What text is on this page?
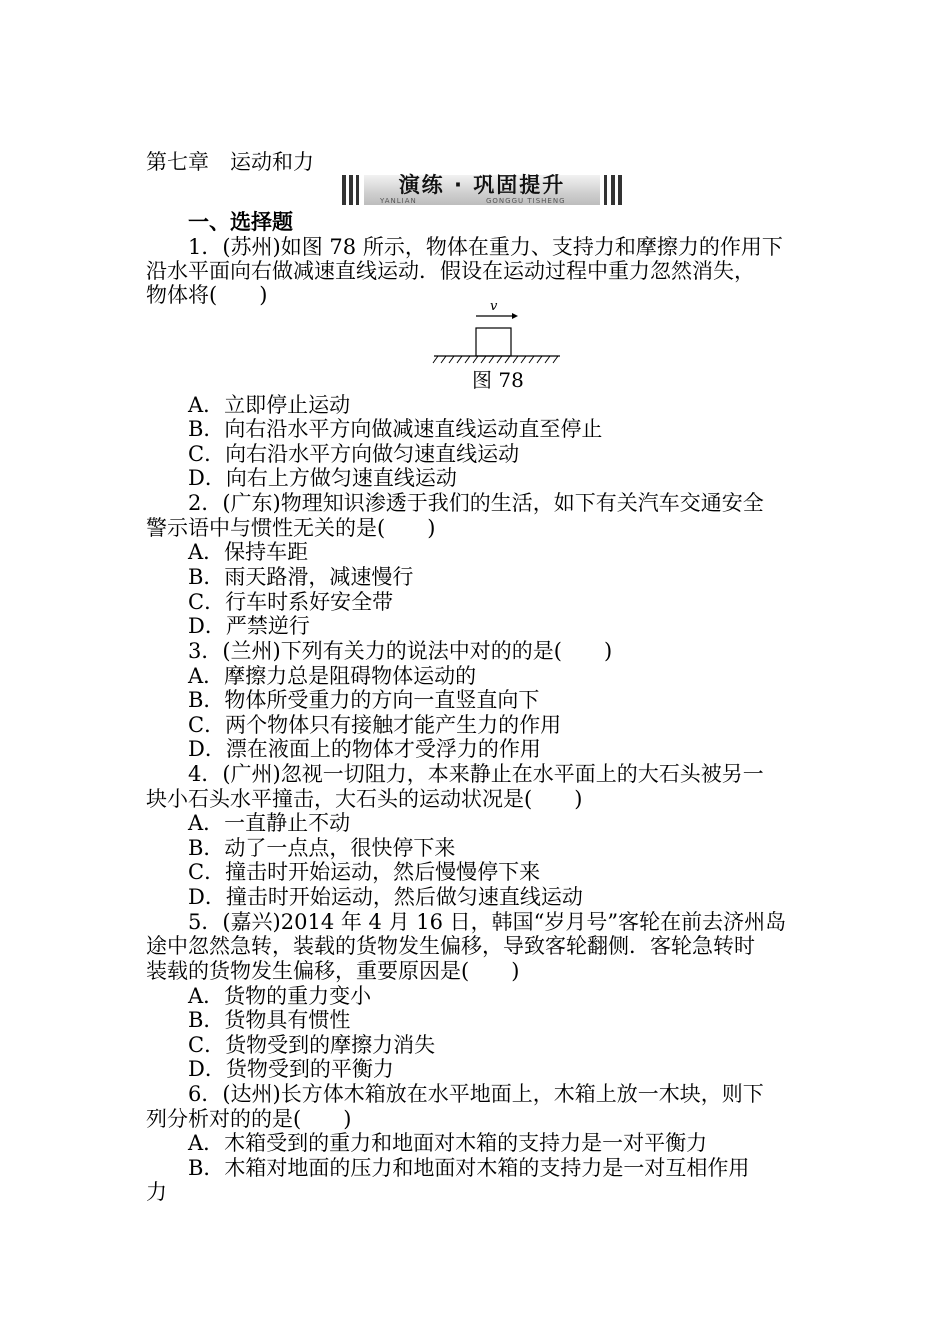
第七章　运动和力
演练 · 巩固提升
YANLIAN	GONGGU TISHENG
一、选择题
1．(苏州)如图 78 所示，物体在重力、支持力和摩擦力的作用下
沿水平面向右做减速直线运动．假设在运动过程中重力忽然消失，
物体将(　　)	v
图 78
A．立即停止运动
B．向右沿水平方向做减速直线运动直至停止
C．向右沿水平方向做匀速直线运动
D．向右上方做匀速直线运动
2．(广东)物理知识渗透于我们的生活，如下有关汽车交通安全
警示语中与惯性无关的是(　　)
A．保持车距
B．雨天路滑，减速慢行
C．行车时系好安全带
D．严禁逆行
3．(兰州)下列有关力的说法中对的的是(　　)
A．摩擦力总是阻碍物体运动的
B．物体所受重力的方向一直竖直向下
C．两个物体只有接触才能产生力的作用
D．漂在液面上的物体才受浮力的作用
4．(广州)忽视一切阻力，本来静止在水平面上的大石头被另一
块小石头水平撞击，大石头的运动状况是(　　)
A．一直静止不动
B．动了一点点，很快停下来
C．撞击时开始运动，然后慢慢停下来
D．撞击时开始运动，然后做匀速直线运动
5．(嘉兴)2014 年 4 月 16 日，韩国“岁月号”客轮在前去济州岛
途中忽然急转，装载的货物发生偏移，导致客轮翻侧．客轮急转时
装载的货物发生偏移，重要原因是(　　)
A．货物的重力变小
B．货物具有惯性
C．货物受到的摩擦力消失
D．货物受到的平衡力
6．(达州)长方体木箱放在水平地面上，木箱上放一木块，则下
列分析对的的是(　　)
A．木箱受到的重力和地面对木箱的支持力是一对平衡力
B．木箱对地面的压力和地面对木箱的支持力是一对互相作用
力
